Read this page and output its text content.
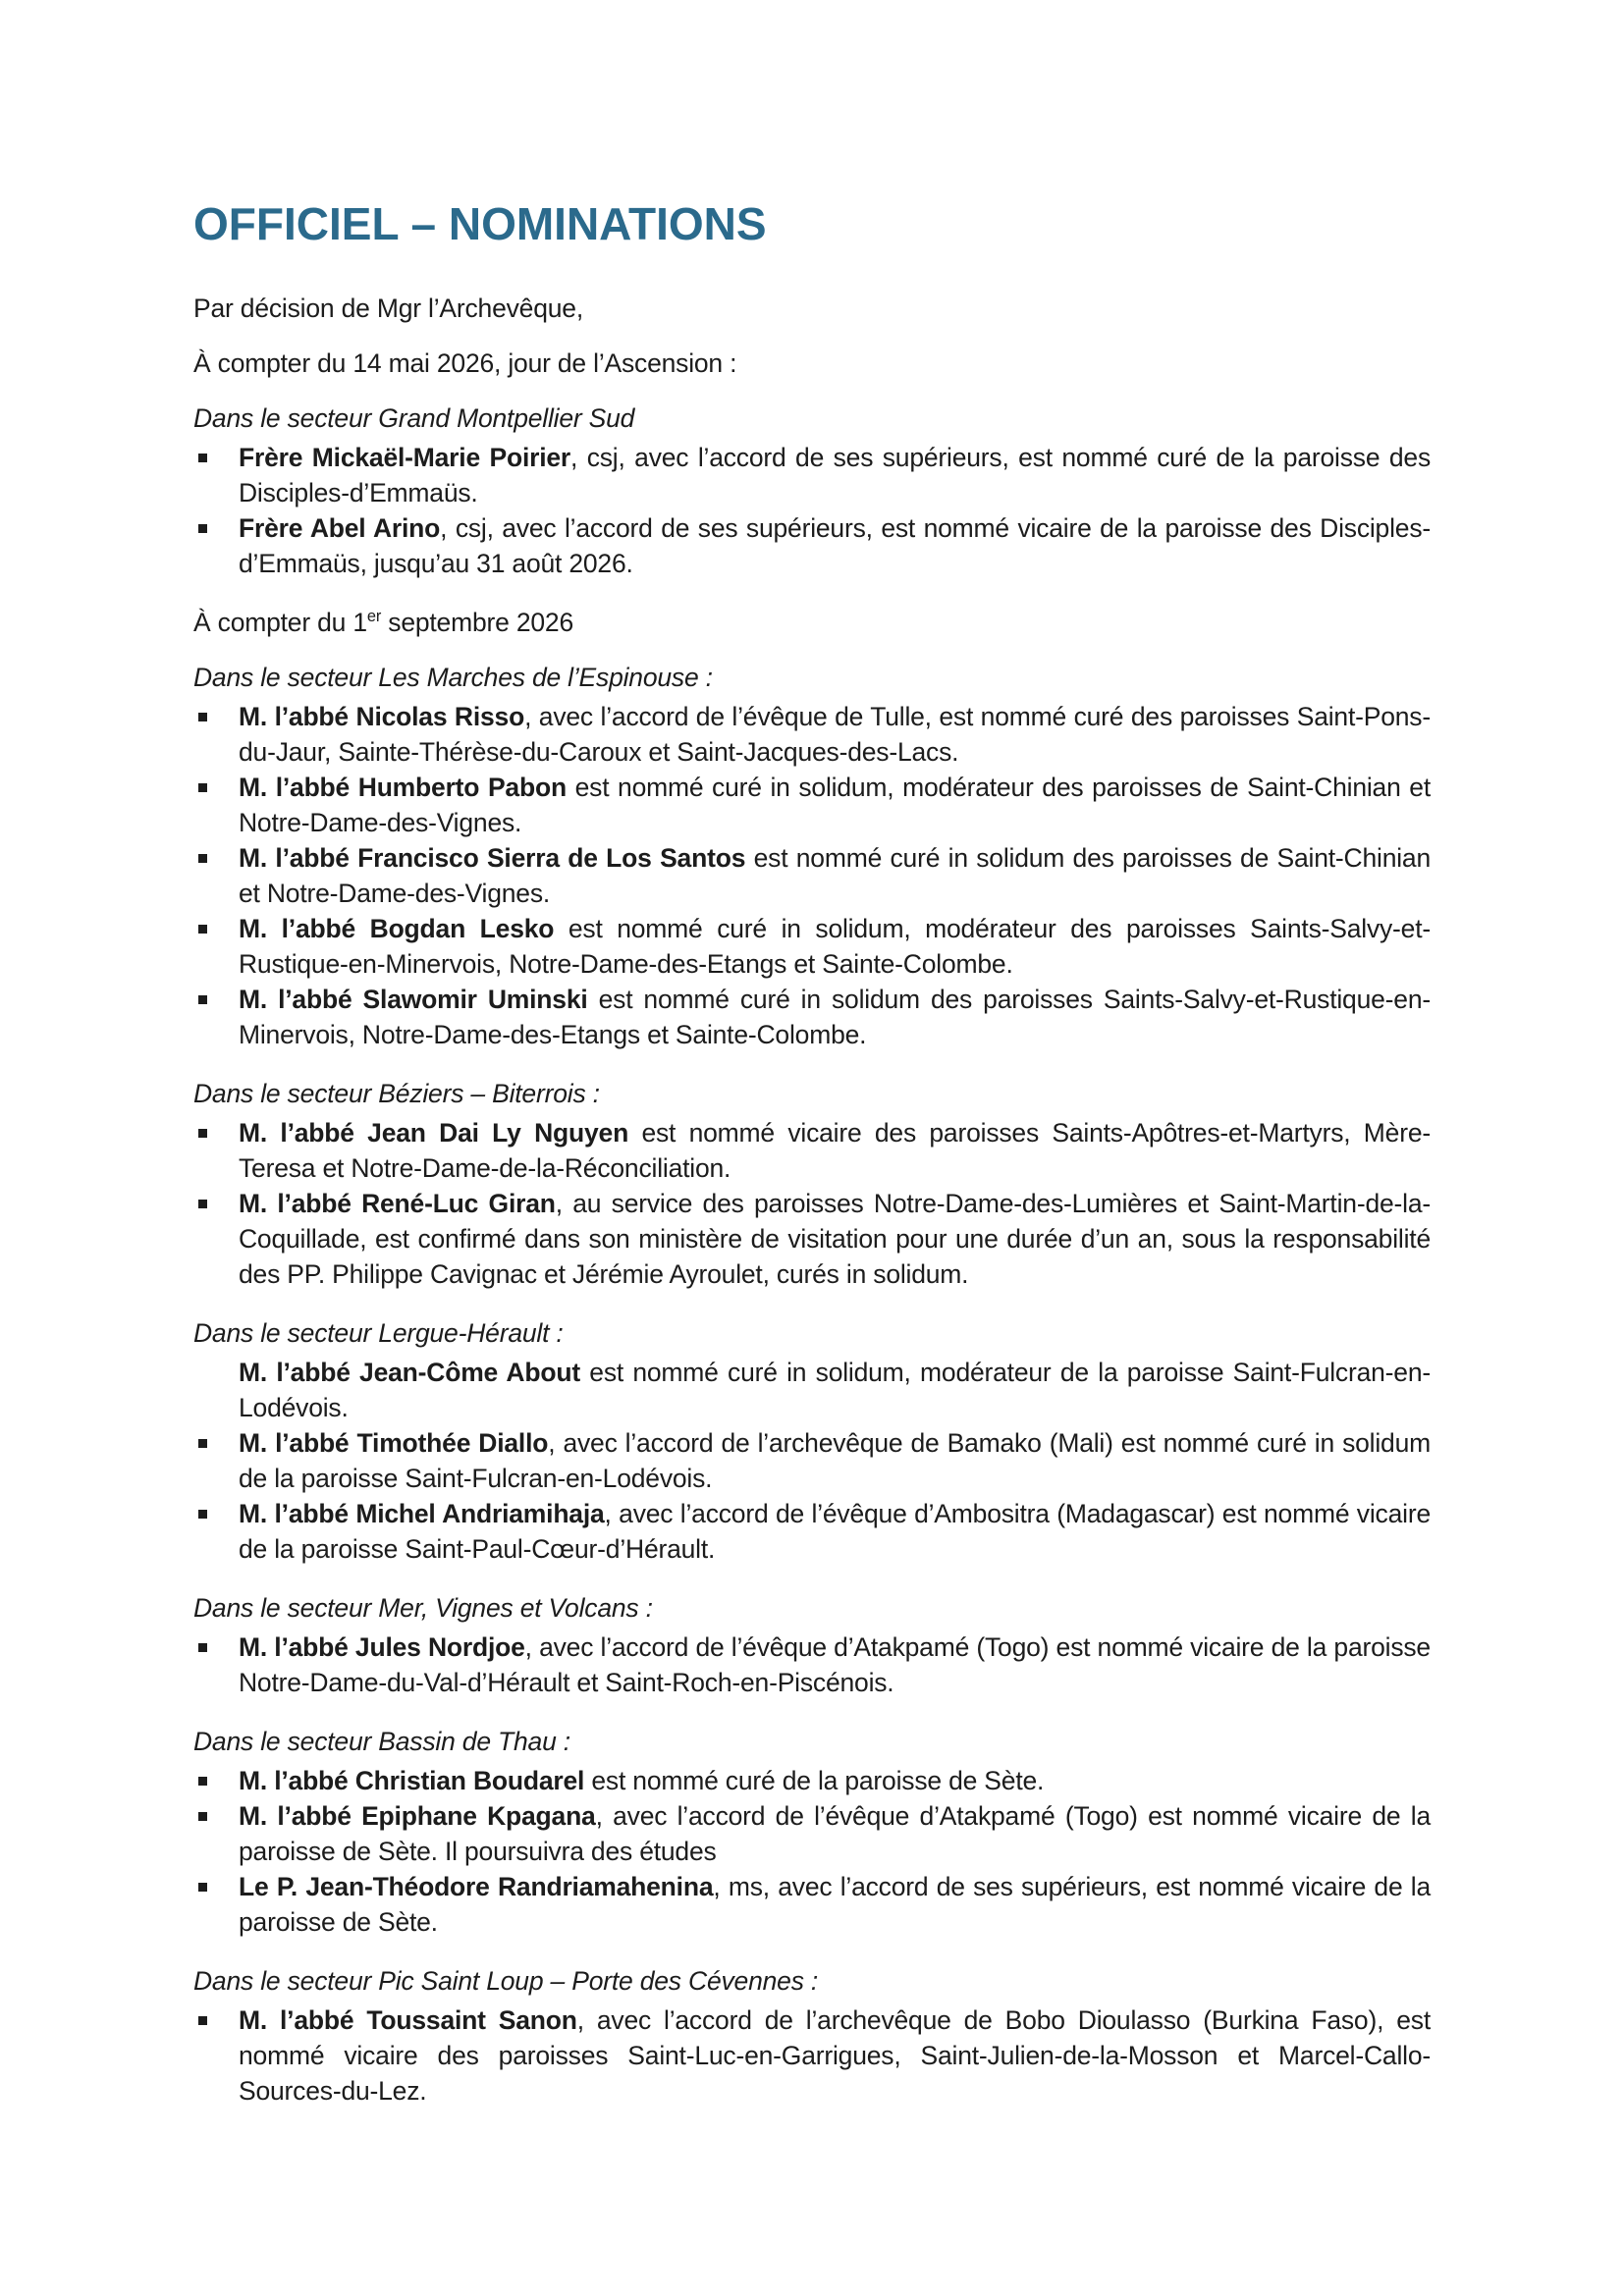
OFFICIEL – NOMINATIONS
Par décision de Mgr l’Archevêque,
À compter du 14 mai 2026, jour de l’Ascension :
Dans le secteur Grand Montpellier Sud
Frère Mickaël-Marie Poirier, csj, avec l’accord de ses supérieurs, est nommé curé de la paroisse des Disciples-d’Emmaüs.
Frère Abel Arino, csj, avec l’accord de ses supérieurs, est nommé vicaire de la paroisse des Disciples-d’Emmaüs, jusqu’au 31 août 2026.
À compter du 1er septembre 2026
Dans le secteur Les Marches de l’Espinouse :
M. l’abbé Nicolas Risso, avec l’accord de l’évêque de Tulle, est nommé curé des paroisses Saint-Pons-du-Jaur, Sainte-Thérèse-du-Caroux et Saint-Jacques-des-Lacs.
M. l’abbé Humberto Pabon est nommé curé in solidum, modérateur des paroisses de Saint-Chinian et Notre-Dame-des-Vignes.
M. l’abbé Francisco Sierra de Los Santos est nommé curé in solidum des paroisses de Saint-Chinian et Notre-Dame-des-Vignes.
M. l’abbé Bogdan Lesko est nommé curé in solidum, modérateur des paroisses Saints-Salvy-et-Rustique-en-Minervois, Notre-Dame-des-Etangs et Sainte-Colombe.
M. l’abbé Slawomir Uminski est nommé curé in solidum des paroisses Saints-Salvy-et-Rustique-en-Minervois, Notre-Dame-des-Etangs et Sainte-Colombe.
Dans le secteur Béziers – Biterrois :
M. l’abbé Jean Dai Ly Nguyen est nommé vicaire des paroisses Saints-Apôtres-et-Martyrs, Mère-Teresa et Notre-Dame-de-la-Réconciliation.
M. l’abbé René-Luc Giran, au service des paroisses Notre-Dame-des-Lumières et Saint-Martin-de-la-Coquillade, est confirmé dans son ministère de visitation pour une durée d’un an, sous la responsabilité des PP. Philippe Cavignac et Jérémie Ayroulet, curés in solidum.
Dans le secteur Lergue-Hérault :
M. l’abbé Jean-Côme About est nommé curé in solidum, modérateur de la paroisse Saint-Fulcran-en-Lodévois.
M. l’abbé Timothée Diallo, avec l’accord de l’archevêque de Bamako (Mali) est nommé curé in solidum de la paroisse Saint-Fulcran-en-Lodévois.
M. l’abbé Michel Andriamihaja, avec l’accord de l’évêque d’Ambositra (Madagascar) est nommé vicaire de la paroisse Saint-Paul-Cœur-d’Hérault.
Dans le secteur Mer, Vignes et Volcans :
M. l’abbé Jules Nordjoe, avec l’accord de l’évêque d’Atakpamé (Togo) est nommé vicaire de la paroisse Notre-Dame-du-Val-d’Hérault et Saint-Roch-en-Piscénois.
Dans le secteur Bassin de Thau :
M. l’abbé Christian Boudarel est nommé curé de la paroisse de Sète.
M. l’abbé Epiphane Kpagana, avec l’accord de l’évêque d’Atakpamé (Togo) est nommé vicaire de la paroisse de Sète. Il poursuivra des études
Le P. Jean-Théodore Randriamahenina, ms, avec l’accord de ses supérieurs, est nommé vicaire de la paroisse de Sète.
Dans le secteur Pic Saint Loup – Porte des Cévennes :
M. l’abbé Toussaint Sanon, avec l’accord de l’archevêque de Bobo Dioulasso (Burkina Faso), est nommé vicaire des paroisses Saint-Luc-en-Garrigues, Saint-Julien-de-la-Mosson et Marcel-Callo-Sources-du-Lez.
